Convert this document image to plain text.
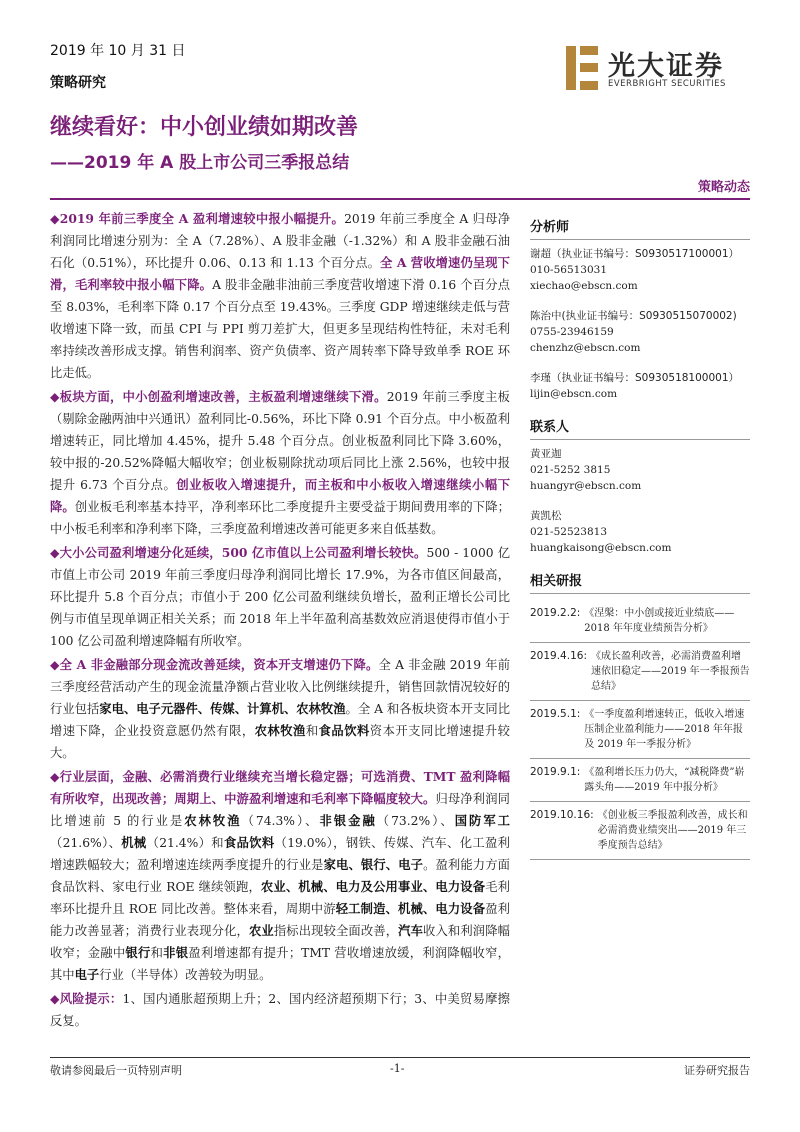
2019 年 10 月 31 日
策略研究
光大证券
EVERBRIGHT SECURITIES
继续看好：中小创业绩如期改善
——2019 年 A 股上市公司三季报总结
策略动态

◆2019 年前三季度全 A 盈利增速较中报小幅提升。2019 年前三季度全 A 归母净利润同比增速分别为：全 A（7.28%）、A 股非金融（-1.32%）和 A 股非金融石油石化（0.51%），环比提升 0.06、0.13 和 1.13 个百分点。全 A 营收增速仍呈现下滑，毛利率较中报小幅下降。A 股非金融非油前三季度营收增速下滑 0.16 个百分点至 8.03%，毛利率下降 0.17 个百分点至 19.43%。三季度 GDP 增速继续走低与营收增速下降一致，而虽 CPI 与 PPI 剪刀差扩大，但更多呈现结构性特征，未对毛利率持续改善形成支撑。销售利润率、资产负债率、资产周转率下降导致单季 ROE 环比走低。

◆板块方面，中小创盈利增速改善，主板盈利增速继续下滑。2019 年前三季度主板（剔除金融两油中兴通讯）盈利同比-0.56%，环比下降 0.91 个百分点。中小板盈利增速转正，同比增加 4.45%，提升 5.48 个百分点。创业板盈利同比下降 3.60%，较中报的-20.52%降幅大幅收窄；创业板剔除扰动项后同比上涨 2.56%，也较中报提升 6.73 个百分点。创业板收入增速提升，而主板和中小板收入增速继续小幅下降。创业板毛利率基本持平，净利率环比二季度提升主要受益于期间费用率的下降；中小板毛利率和净利率下降，三季度盈利增速改善可能更多来自低基数。

◆大小公司盈利增速分化延续，500 亿市值以上公司盈利增长较快。500 - 1000 亿市值上市公司 2019 年前三季度归母净利润同比增长 17.9%，为各市值区间最高，环比提升 5.8 个百分点；市值小于 200 亿公司盈利继续负增长，盈利正增长公司比例与市值呈现单调正相关关系；而 2018 年上半年盈利高基数效应消退使得市值小于 100 亿公司盈利增速降幅有所收窄。

◆全 A 非金融部分现金流改善延续，资本开支增速仍下降。全 A 非金融 2019 年前三季度经营活动产生的现金流量净额占营业收入比例继续提升，销售回款情况较好的行业包括家电、电子元器件、传媒、计算机、农林牧渔。全 A 和各板块资本开支同比增速下降，企业投资意愿仍然有限，农林牧渔和食品饮料资本开支同比增速提升较大。

◆行业层面，金融、必需消费行业继续充当增长稳定器；可选消费、TMT 盈利降幅有所收窄，出现改善；周期上、中游盈利增速和毛利率下降幅度较大。归母净利润同比增速前 5 的行业是农林牧渔（74.3%）、非银金融（73.2%）、国防军工（21.6%）、机械（21.4%）和食品饮料（19.0%），钢铁、传媒、汽车、化工盈利增速跌幅较大；盈利增速连续两季度提升的行业是家电、银行、电子。盈利能力方面食品饮料、家电行业 ROE 继续领跑，农业、机械、电力及公用事业、电力设备毛利率环比提升且 ROE 同比改善。整体来看，周期中游轻工制造、机械、电力设备盈利能力改善显著；消费行业表现分化，农业指标出现较全面改善，汽车收入和利润降幅收窄；金融中银行和非银盈利增速都有提升；TMT 营收增速放缓，利润降幅收窄，其中电子行业（半导体）改善较为明显。

◆风险提示：1、国内通胀超预期上升；2、国内经济超预期下行；3、中美贸易摩擦反复。

分析师
谢超（执业证书编号：S0930517100001）
010-56513031
xiechao@ebscn.com
陈治中(执业证书编号：S0930515070002)
0755-23946159
chenzhz@ebscn.com
李瑾（执业证书编号：S0930518100001）
lijin@ebscn.com
联系人
黄亚迦
021-5252 3815
huangyr@ebscn.com
黄凯松
021-52523813
huangkaisong@ebscn.com
相关研报
2019.2.2: 《涅槃：中小创或接近业绩底——2018 年年度业绩预告分析》
2019.4.16: 《成长盈利改善，必需消费盈利增速依旧稳定——2019 年一季报预告总结》
2019.5.1: 《一季度盈利增速转正，低收入增速压制企业盈利能力——2018 年年报及 2019 年一季报分析》
2019.9.1: 《盈利增长压力仍大，“减税降费”崭露头角——2019 年中报分析》
2019.10.16: 《创业板三季报盈利改善，成长和必需消费业绩突出——2019 年三季度预告总结》
敬请参阅最后一页特别声明	-1-	证券研究报告
